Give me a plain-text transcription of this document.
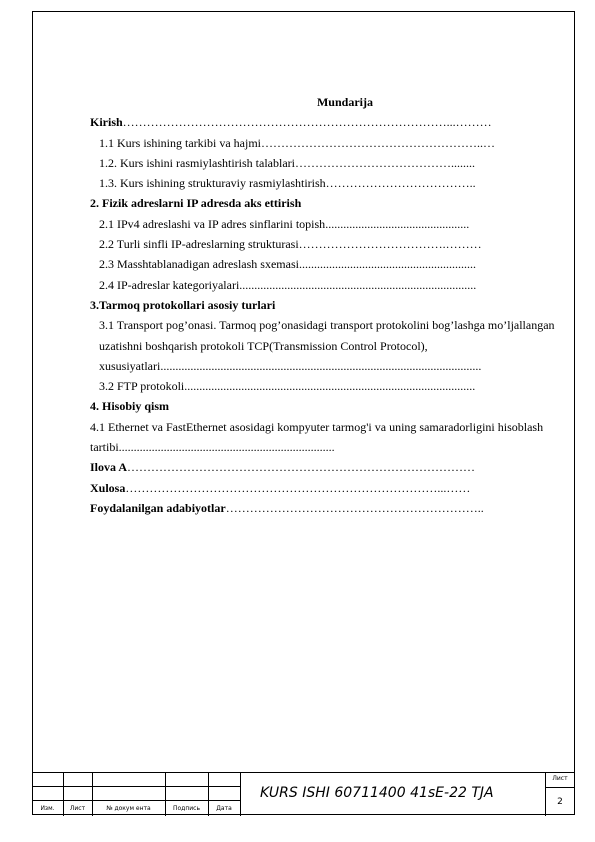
Mundarija
Kirish………………………………………………………………………...………
1.1 Kurs ishining tarkibi va hajmi………………………………………………..…
1.2. Kurs ishini rasmiylashtirish talablari…………………………………........
1.3. Kurs ishining strukturaviy rasmiylashtirish………………………………..
2. Fizik adreslarni IP adresda aks ettirish
2.1 IPv4 adreslashi va IP adres sinflarini topish................................................
2.2 Turli sinfli IP-adreslarning strukturasi……………………………….………
2.3 Masshtablanadigan adreslash sxemasi...........................................................
2.4 IP-adreslar kategoriyalari...............................................................................
3.Tarmoq protokollari asosiy turlari
3.1 Transport pog’onasi. Tarmoq pog’onasidagi transport protokolini bog’lashga mo’ljallangan uzatishni boshqarish protokoli TCP(Transmission Control Protocol), xususiyatlari...........................................................................................................
3.2 FTP protokoli.................................................................................................
4. Hisobiy qism
4.1 Ethernet va FastEthernet asosidagi kompyuter tarmog'i va uning samaradorligini hisoblash tartibi........................................................................
Ilova A……………………………………………………………………………
Xulosa……………………………………………………………………...……
Foydalanilgan adabiyotlar………………………………………………………..
Изм.	Лист	№ докум ента	Подпись	Дата
KURS ISHI 60711400 41sE-22 TJA
Лист
2
